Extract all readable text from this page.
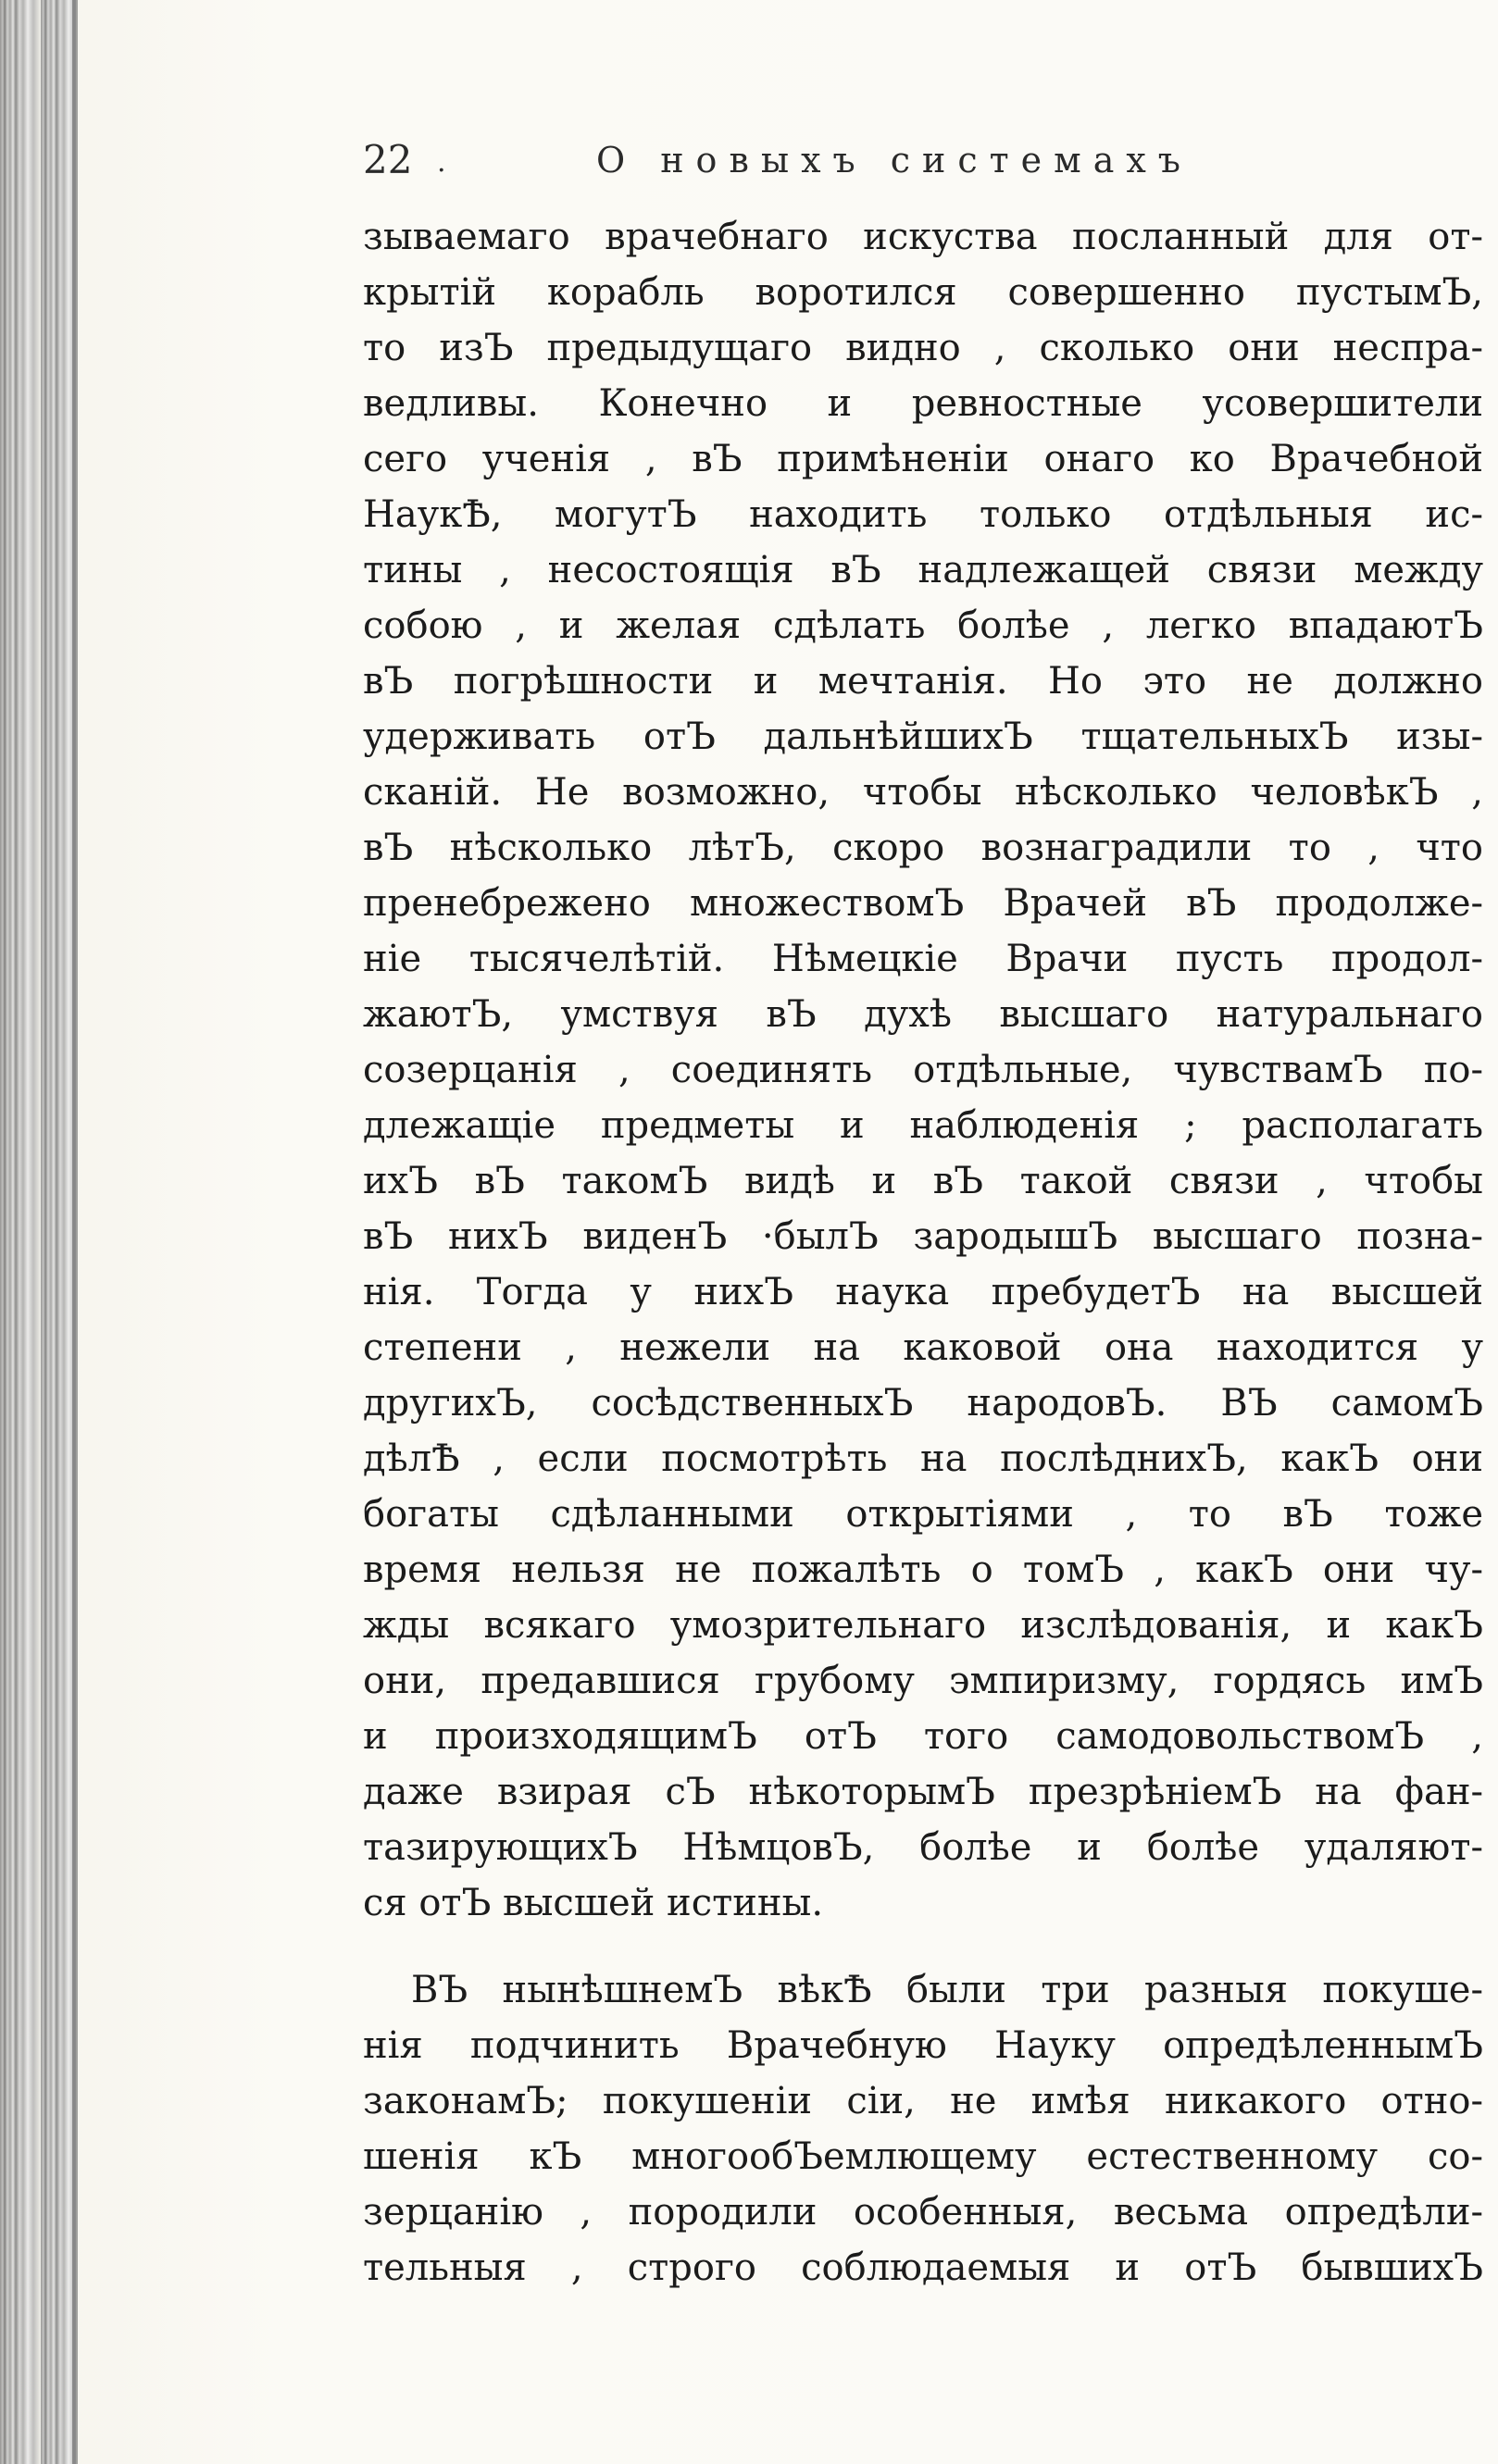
22 .	О новыхъ системахъ
зываемаго врачебнаго искуства посланный для от-
крытій корабль воротился совершенно пустымЪ,
то изЪ предыдущаго видно , сколько они неспра-
ведливы. Конечно и ревностные усовершители
сего ученія , вЪ примѣненіи онаго ко Врачебной
НаукѢ, могутЪ находить только отдѣльныя ис-
тины , несостоящія вЪ надлежащей связи между
собою , и желая сдѣлать болѣе , легко впадаютЪ
вЪ погрѣшности и мечтанія. Но это не должно
удерживать отЪ дальнѣйшихЪ тщательныхЪ изы-
сканій. Не возможно, чтобы нѣсколько человѣкЪ ,
вЪ нѣсколько лѣтЪ, скоро вознаградили то , что
пренебрежено множествомЪ Врачей вЪ продолже-
ніе тысячелѣтій. Нѣмецкіе Врачи пусть продол-
жаютЪ, умствуя вЪ духѣ высшаго натуральнаго
созерцанія , соединять отдѣльные, чувствамЪ по-
длежащіе предметы и наблюденія ; располагать
ихЪ вЪ такомЪ видѣ и вЪ такой связи , чтобы
вЪ нихЪ виденЪ ·былЪ зародышЪ высшаго позна-
нія. Тогда у нихЪ наука пребудетЪ на высшей
степени , нежели на каковой она находится у
другихЪ, сосѣдственныхЪ народовЪ. ВЪ самомЪ
дѣлѢ , если посмотрѣть на послѣднихЪ, какЪ они
богаты сдѣланными открытіями , то вЪ тоже
время нельзя не пожалѣть о томЪ , какЪ они чу-
жды всякаго умозрительнаго изслѣдованія, и какЪ
они, предавшися грубому эмпиризму, гордясь имЪ
и произходящимЪ отЪ того самодовольствомЪ ,
даже взирая сЪ нѣкоторымЪ презрѣніемЪ на фан-
тазирующихЪ НѣмцовЪ, болѣе и болѣе удаляют-
ся отЪ высшей истины.
ВЪ нынѣшнемЪ вѣкѢ были три разныя покуше-
нія подчинить Врачебную Науку опредѣленнымЪ
законамЪ; покушеніи сіи, не имѣя никакого отно-
шенія кЪ многообЪемлющему естественному со-
зерцанію , породили особенныя, весьма опредѣли-
тельныя , строго соблюдаемыя и отЪ бывшихЪ
